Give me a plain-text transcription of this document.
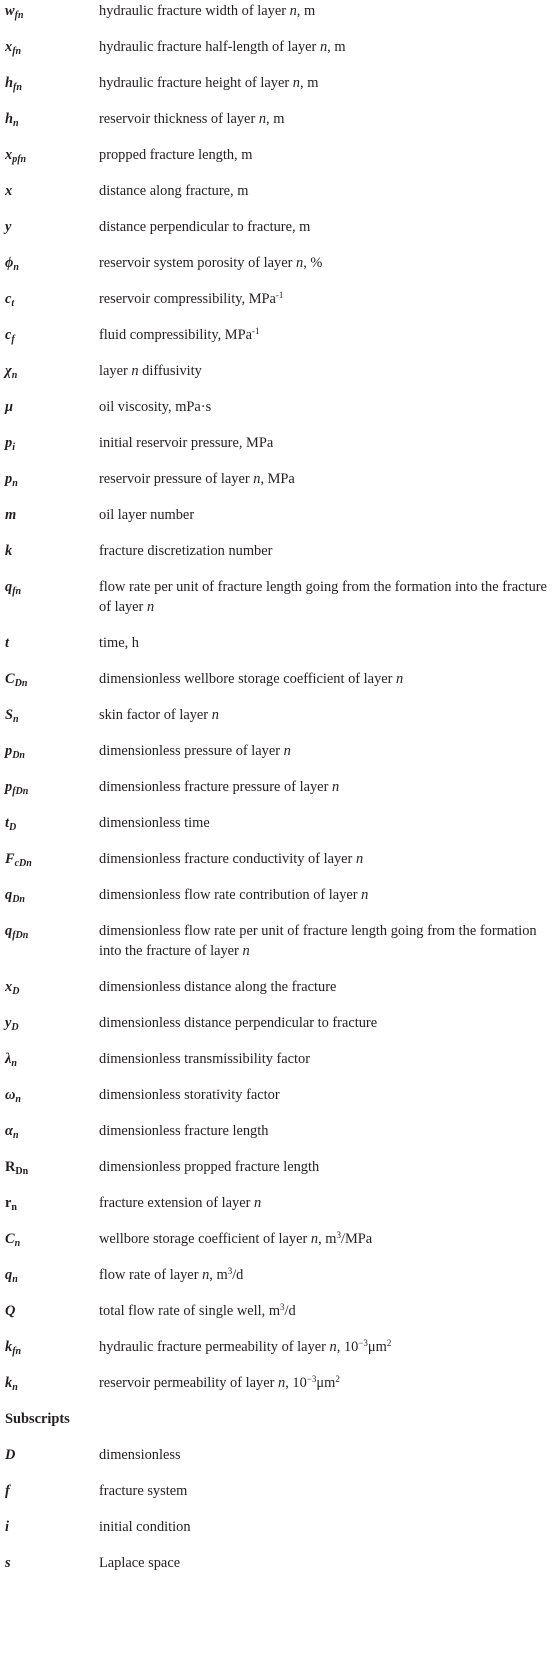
$w_{fn}$	hydraulic fracture width of layer n, m
$x_{fn}$	hydraulic fracture half-length of layer n, m
$h_{fn}$	hydraulic fracture height of layer n, m
$h_n$	reservoir thickness of layer n, m
$x_{pfn}$	propped fracture length, m
x	distance along fracture, m
y	distance perpendicular to fracture, m
$\phi_n$	reservoir system porosity of layer n, %
$c_t$	reservoir compressibility, MPa$^{-1}$
$c_f$	fluid compressibility, MPa$^{-1}$
$\chi_n$	layer n diffusivity
μ	oil viscosity, mPa·s
$p_i$	initial reservoir pressure, MPa
$p_n$	reservoir pressure of layer n, MPa
m	oil layer number
k	fracture discretization number
$q_{fn}$	flow rate per unit of fracture length going from the formation into the fracture of layer n
t	time, h
$C_{Dn}$	dimensionless wellbore storage coefficient of layer n
$S_n$	skin factor of layer n
$p_{Dn}$	dimensionless pressure of layer n
$p_{fDn}$	dimensionless fracture pressure of layer n
$t_D$	dimensionless time
$F_{cDn}$	dimensionless fracture conductivity of layer n
$q_{Dn}$	dimensionless flow rate contribution of layer n
$q_{fDn}$	dimensionless flow rate per unit of fracture length going from the formation into the fracture of layer n
$x_D$	dimensionless distance along the fracture
$y_D$	dimensionless distance perpendicular to fracture
$\lambda_n$	dimensionless transmissibility factor
$\omega_n$	dimensionless storativity factor
$\alpha_n$	dimensionless fracture length
$R_{Dn}$	dimensionless propped fracture length
$r_n$	fracture extension of layer n
$C_n$	wellbore storage coefficient of layer n, $m^3$/MPa
$q_n$	flow rate of layer n, $m^3/d$
Q	total flow rate of single well, $m^3/d$
$k_{fn}$	hydraulic fracture permeability of layer n, $10^{-3}\mu m^2$
$k_n$	reservoir permeability of layer n, $10^{-3}\mu m^2$
Subscripts
D	dimensionless
f	fracture system
i	initial condition
s	Laplace space
